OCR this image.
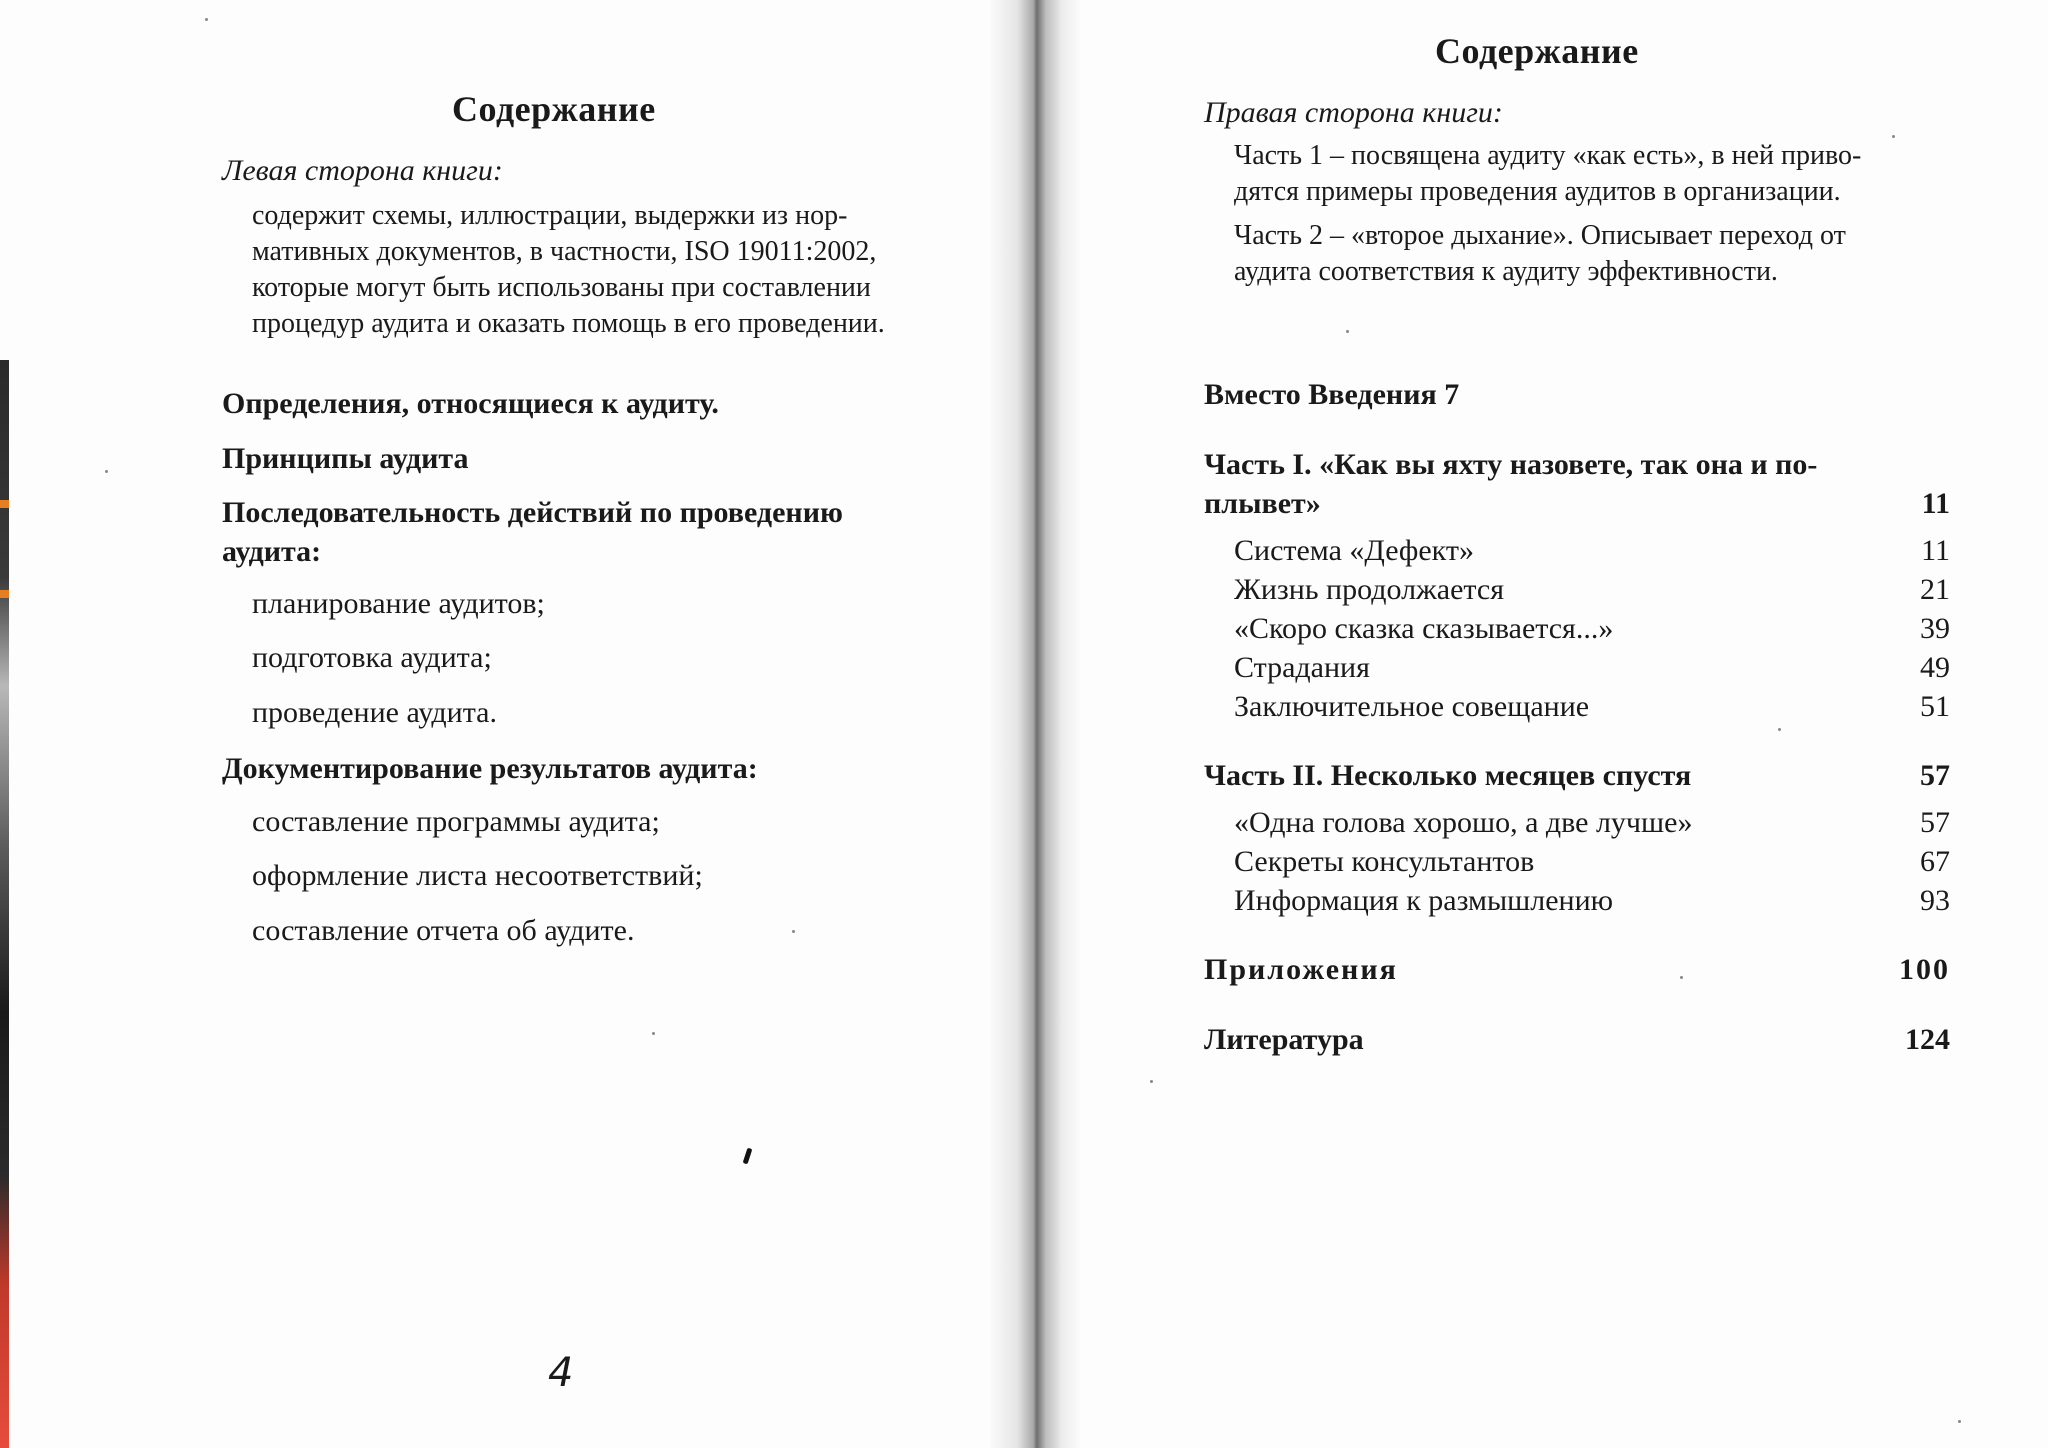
Содержание
Левая сторона книги:
содержит схемы, иллюстрации, выдержки из нор-
мативных документов, в частности, ISO 19011:2002,
которые могут быть использованы при составлении
процедур аудита и оказать помощь в его проведении.
Определения, относящиеся к аудиту.
Принципы аудита
Последовательность действий по проведению аудита:
планирование аудитов;
подготовка аудита;
проведение аудита.
Документирование результатов аудита:
составление программы аудита;
оформление листа несоответствий;
составление отчета об аудите.
4
Содержание
Правая сторона книги:
Часть 1 – посвящена аудиту «как есть», в ней приво-
дятся примеры проведения аудитов в организации.
Часть 2 – «второе дыхание». Описывает переход от
аудита соответствия к аудиту эффективности.
Вместо Введения 7
Часть I. «Как вы яхту назовете, так она и по-
плывет»	11
Система «Дефект»	11
Жизнь продолжается	21
«Скоро сказка сказывается...»	39
Страдания	49
Заключительное совещание	51
Часть II. Несколько месяцев спустя	57
«Одна голова хорошо, а две лучше»	57
Секреты консультантов	67
Информация к размышлению	93
Приложения	100
Литература	124
